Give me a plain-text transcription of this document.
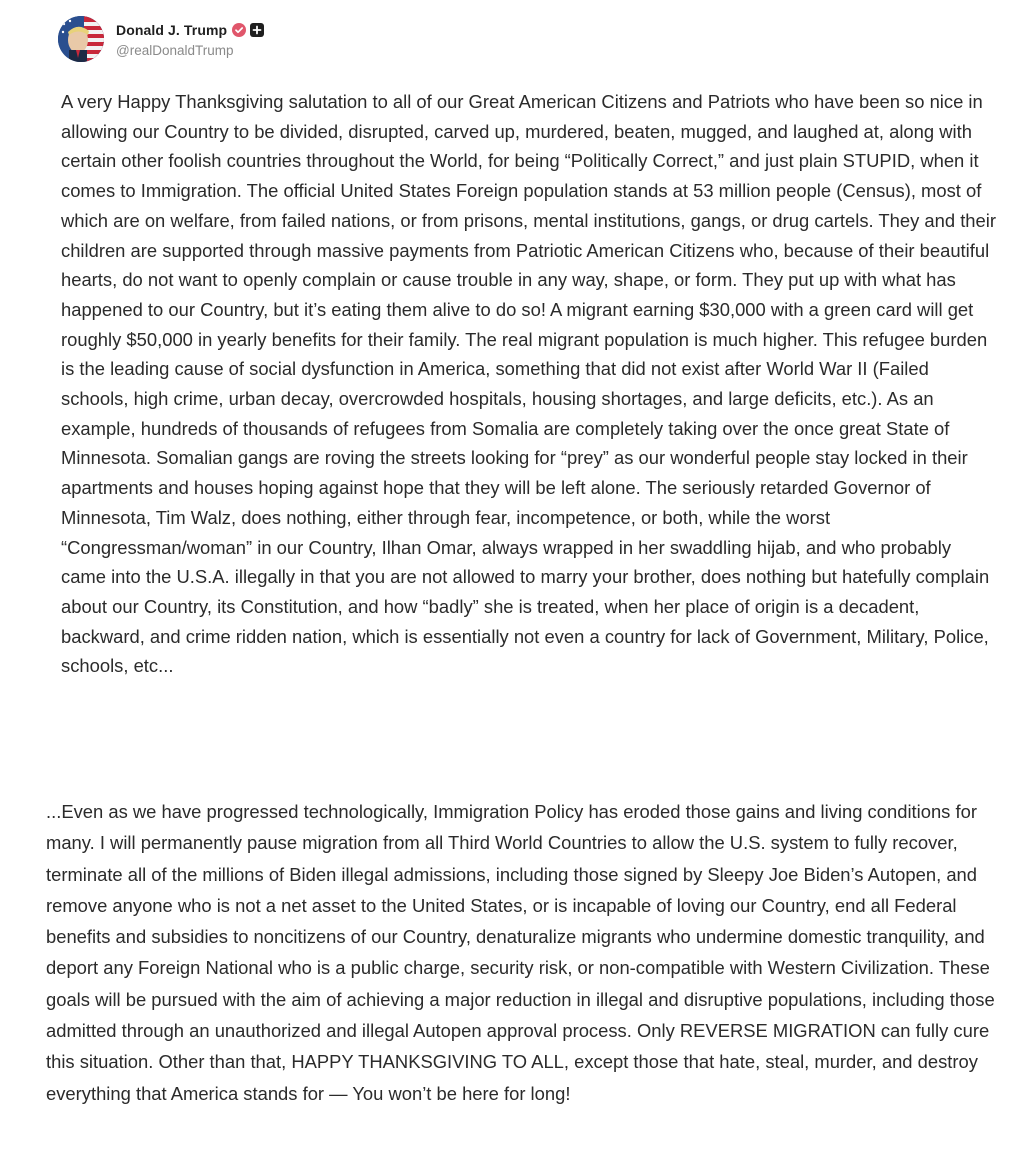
Donald J. Trump
@realDonaldTrump

A very Happy Thanksgiving salutation to all of our Great American Citizens and Patriots who have been so nice in allowing our Country to be divided, disrupted, carved up, murdered, beaten, mugged, and laughed at, along with certain other foolish countries throughout the World, for being “Politically Correct,” and just plain STUPID, when it comes to Immigration. The official United States Foreign population stands at 53 million people (Census), most of which are on welfare, from failed nations, or from prisons, mental institutions, gangs, or drug cartels. They and their children are supported through massive payments from Patriotic American Citizens who, because of their beautiful hearts, do not want to openly complain or cause trouble in any way, shape, or form. They put up with what has happened to our Country, but it’s eating them alive to do so! A migrant earning $30,000 with a green card will get roughly $50,000 in yearly benefits for their family. The real migrant population is much higher. This refugee burden is the leading cause of social dysfunction in America, something that did not exist after World War II (Failed schools, high crime, urban decay, overcrowded hospitals, housing shortages, and large deficits, etc.). As an example, hundreds of thousands of refugees from Somalia are completely taking over the once great State of Minnesota. Somalian gangs are roving the streets looking for “prey” as our wonderful people stay locked in their apartments and houses hoping against hope that they will be left alone. The seriously retarded Governor of Minnesota, Tim Walz, does nothing, either through fear, incompetence, or both, while the worst “Congressman/woman” in our Country, Ilhan Omar, always wrapped in her swaddling hijab, and who probably came into the U.S.A. illegally in that you are not allowed to marry your brother, does nothing but hatefully complain about our Country, its Constitution, and how “badly” she is treated, when her place of origin is a decadent, backward, and crime ridden nation, which is essentially not even a country for lack of Government, Military, Police, schools, etc...

...Even as we have progressed technologically, Immigration Policy has eroded those gains and living conditions for many. I will permanently pause migration from all Third World Countries to allow the U.S. system to fully recover, terminate all of the millions of Biden illegal admissions, including those signed by Sleepy Joe Biden’s Autopen, and remove anyone who is not a net asset to the United States, or is incapable of loving our Country, end all Federal benefits and subsidies to noncitizens of our Country, denaturalize migrants who undermine domestic tranquility, and deport any Foreign National who is a public charge, security risk, or non-compatible with Western Civilization. These goals will be pursued with the aim of achieving a major reduction in illegal and disruptive populations, including those admitted through an unauthorized and illegal Autopen approval process. Only REVERSE MIGRATION can fully cure this situation. Other than that, HAPPY THANKSGIVING TO ALL, except those that hate, steal, murder, and destroy everything that America stands for — You won’t be here for long!
